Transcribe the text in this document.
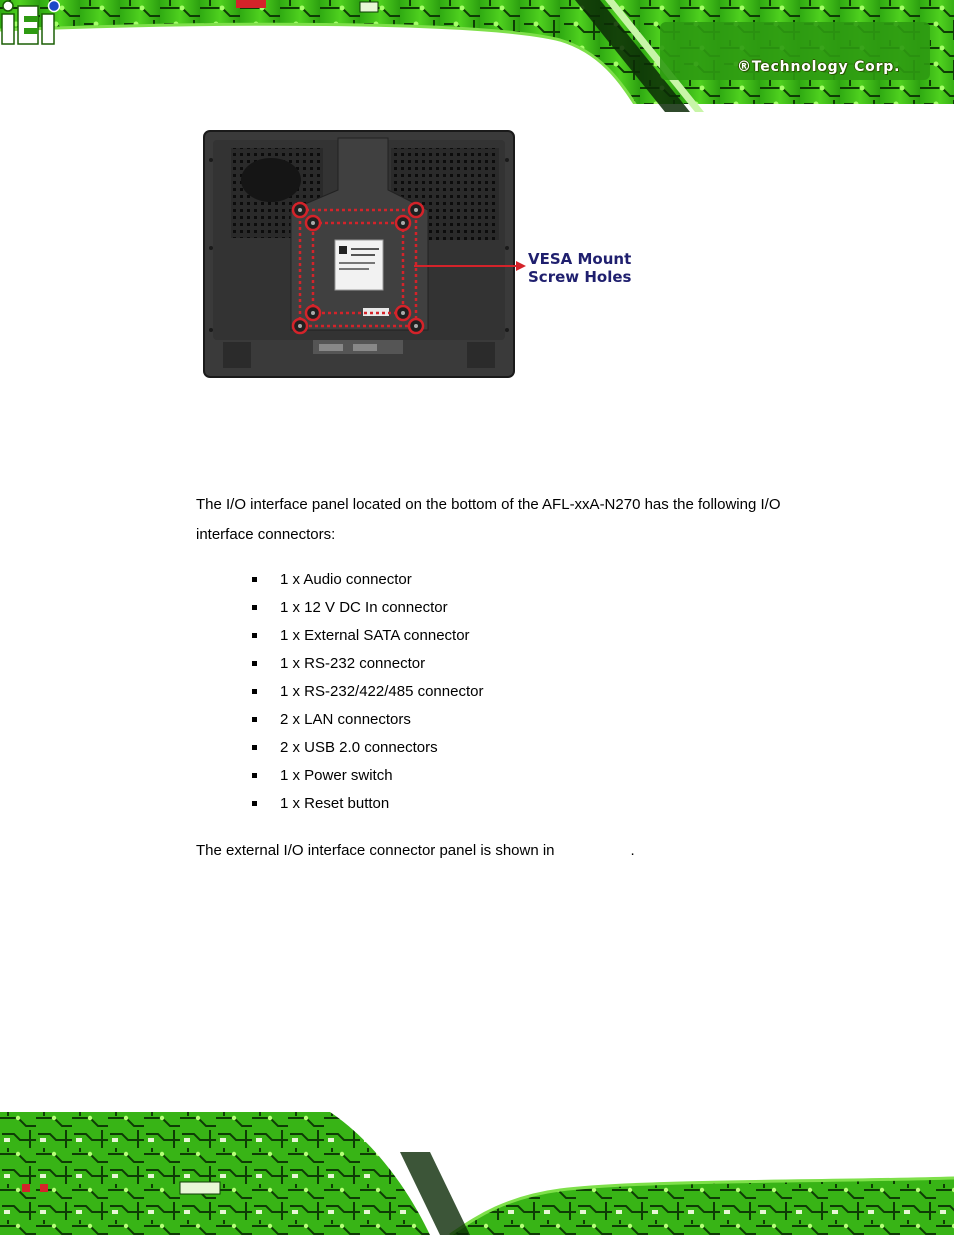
®Technology Corp.
VESA Mount
Screw Holes
The I/O interface panel located on the bottom of the AFL-xxA-N270 has the following I/O interface connectors:
1 x Audio connector
1 x 12 V DC In connector
1 x External SATA connector
1 x RS-232 connector
1 x RS-232/422/485 connector
2 x LAN connectors
2 x USB 2.0 connectors
1 x Power switch
1 x Reset button
The external I/O interface connector panel is shown in	.
